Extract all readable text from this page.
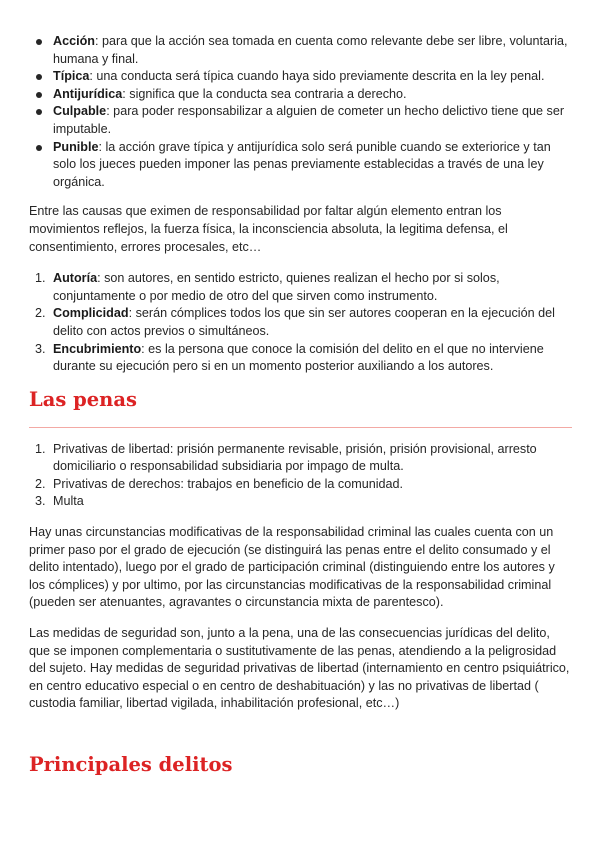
Acción: para que la acción sea tomada en cuenta como relevante debe ser libre, voluntaria, humana y final.
Típica: una conducta será típica cuando haya sido previamente descrita en la ley penal.
Antijurídica: significa que la conducta sea contraria a derecho.
Culpable: para poder responsabilizar a alguien de cometer un hecho delictivo tiene que ser imputable.
Punible: la acción grave típica y antijurídica solo será punible cuando se exteriorice y tan solo los jueces pueden imponer las penas previamente establecidas a través de una ley orgánica.

Entre las causas que eximen de responsabilidad por faltar algún elemento entran los movimientos reflejos, la fuerza física, la inconsciencia absoluta, la legitima defensa, el consentimiento, errores procesales, etc…

1. Autoría: son autores, en sentido estricto, quienes realizan el hecho por si solos, conjuntamente o por medio de otro del que sirven como instrumento.
2. Complicidad: serán cómplices todos los que sin ser autores cooperan en la ejecución del delito con actos previos o simultáneos.
3. Encubrimiento: es la persona que conoce la comisión del delito en el que no interviene durante su ejecución pero si en un momento posterior auxiliando a los autores.
Las penas
1. Privativas de libertad: prisión permanente revisable, prisión, prisión provisional, arresto domiciliario o responsabilidad subsidiaria por impago de multa.
2. Privativas de derechos: trabajos en beneficio de la comunidad.
3. Multa

Hay unas circunstancias modificativas de la responsabilidad criminal las cuales cuenta con un primer paso por el grado de ejecución (se distinguirá las penas entre el delito consumado y el delito intentado), luego por el grado de participación criminal (distinguiendo entre los autores y los cómplices) y por ultimo, por las circunstancias modificativas de la responsabilidad criminal (pueden ser atenuantes, agravantes o circunstancia mixta de parentesco).

Las medidas de seguridad son, junto a la pena, una de las consecuencias jurídicas del delito, que se imponen complementaria o sustitutivamente de las penas, atendiendo a la peligrosidad del sujeto. Hay medidas de seguridad privativas de libertad (internamiento en centro psiquiátrico, en centro educativo especial o en centro de deshabituación) y las no privativas de libertad ( custodia familiar, libertad vigilada, inhabilitación profesional, etc…)

Principales delitos
